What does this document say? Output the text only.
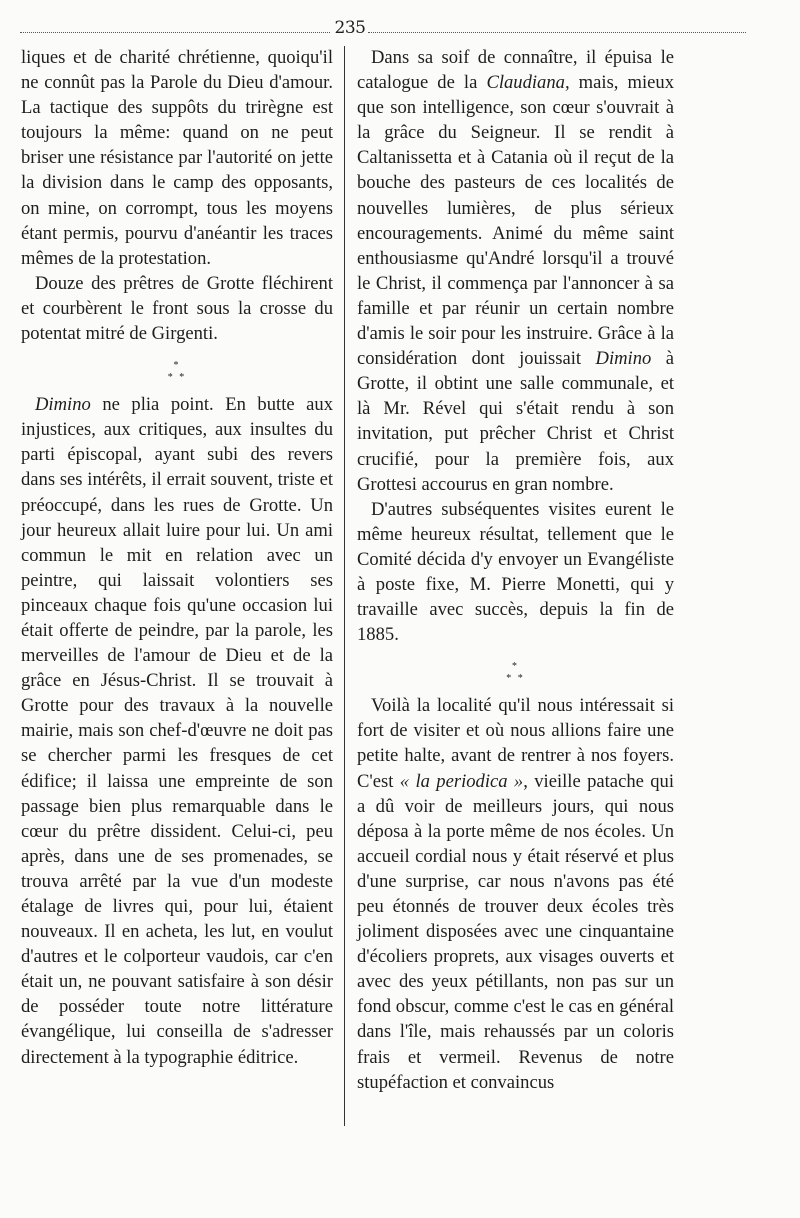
235

liques et de charité chrétienne, quoiqu'il ne connût pas la Parole du Dieu d'amour. La tactique des suppôts du trirègne est toujours la même: quand on ne peut briser une résistance par l'autorité on jette la division dans le camp des opposants, on mine, on corrompt, tous les moyens étant permis, pourvu d'anéantir les traces mêmes de la protestation.

Douze des prêtres de Grotte fléchirent et courbèrent le front sous la crosse du potentat mitré de Girgenti.

*
* *

Dimino ne plia point. En butte aux injustices, aux critiques, aux insultes du parti épiscopal, ayant subi des revers dans ses intérêts, il errait souvent, triste et préoccupé, dans les rues de Grotte. Un jour heureux allait luire pour lui. Un ami commun le mit en relation avec un peintre, qui laissait volontiers ses pinceaux chaque fois qu'une occasion lui était offerte de peindre, par la parole, les merveilles de l'amour de Dieu et de la grâce en Jésus-Christ. Il se trouvait à Grotte pour des travaux à la nouvelle mairie, mais son chef-d'œuvre ne doit pas se chercher parmi les fresques de cet édifice; il laissa une empreinte de son passage bien plus remarquable dans le cœur du prêtre dissident. Celui-ci, peu après, dans une de ses promenades, se trouva arrêté par la vue d'un modeste étalage de livres qui, pour lui, étaient nouveaux. Il en acheta, les lut, en voulut d'autres et le colporteur vaudois, car c'en était un, ne pouvant satisfaire à son désir de posséder toute notre littérature évangélique, lui conseilla de s'adresser directement à la typographie éditrice.

Dans sa soif de connaître, il épuisa le catalogue de la Claudiana, mais, mieux que son intelligence, son cœur s'ouvrait à la grâce du Seigneur. Il se rendit à Caltanissetta et à Catania où il reçut de la bouche des pasteurs de ces localités de nouvelles lumières, de plus sérieux encouragements. Animé du même saint enthousiasme qu'André lorsqu'il a trouvé le Christ, il commença par l'annoncer à sa famille et par réunir un certain nombre d'amis le soir pour les instruire. Grâce à la considération dont jouissait Dimino à Grotte, il obtint une salle communale, et là Mr. Rével qui s'était rendu à son invitation, put prêcher Christ et Christ crucifié, pour la première fois, aux Grottesi accourus en gran nombre.

D'autres subséquentes visites eurent le même heureux résultat, tellement que le Comité décida d'y envoyer un Evangéliste à poste fixe, M. Pierre Monetti, qui y travaille avec succès, depuis la fin de 1885.

*
* *

Voilà la localité qu'il nous intéressait si fort de visiter et où nous allions faire une petite halte, avant de rentrer à nos foyers. C'est « la periodica », vieille patache qui a dû voir de meilleurs jours, qui nous déposa à la porte même de nos écoles. Un accueil cordial nous y était réservé et plus d'une surprise, car nous n'avons pas été peu étonnés de trouver deux écoles très joliment disposées avec une cinquantaine d'écoliers proprets, aux visages ouverts et avec des yeux pétillants, non pas sur un fond obscur, comme c'est le cas en général dans l'île, mais rehaussés par un coloris frais et vermeil. Revenus de notre stupéfaction et convaincus
